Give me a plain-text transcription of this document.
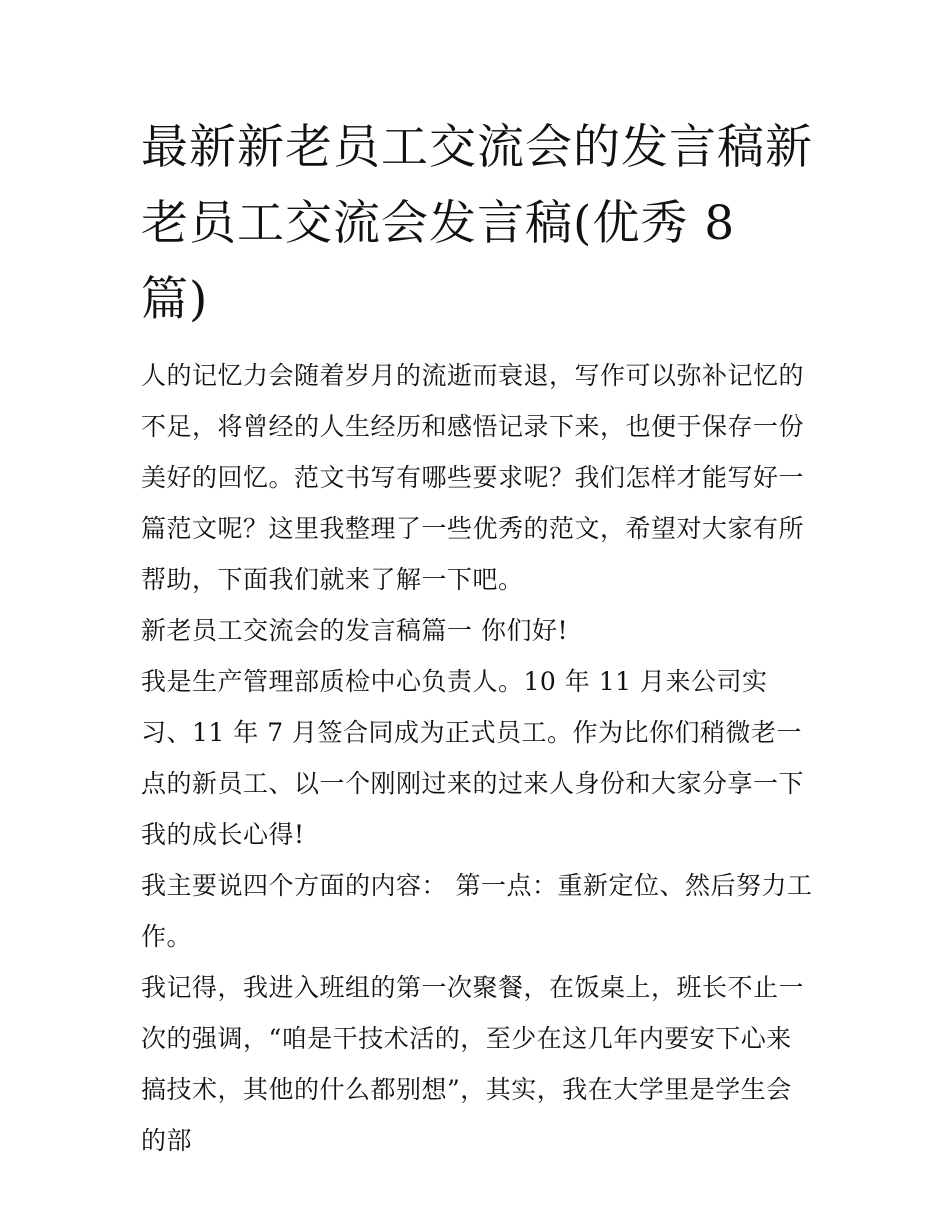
最新新老员工交流会的发言稿新老员工交流会发言稿(优秀 8 篇)

人的记忆力会随着岁月的流逝而衰退，写作可以弥补记忆的不足，将曾经的人生经历和感悟记录下来，也便于保存一份美好的回忆。范文书写有哪些要求呢？我们怎样才能写好一篇范文呢？这里我整理了一些优秀的范文，希望对大家有所帮助，下面我们就来了解一下吧。

新老员工交流会的发言稿篇一 你们好!

我是生产管理部质检中心负责人。10 年 11 月来公司实习、11 年 7 月签合同成为正式员工。作为比你们稍微老一点的新员工、以一个刚刚过来的过来人身份和大家分享一下我的成长心得!

我主要说四个方面的内容： 第一点：重新定位、然后努力工作。

我记得，我进入班组的第一次聚餐，在饭桌上，班长不止一次的强调，“咱是干技术活的，至少在这几年内要安下心来搞技术，其他的什么都别想”，其实，我在大学里是学生会的部
